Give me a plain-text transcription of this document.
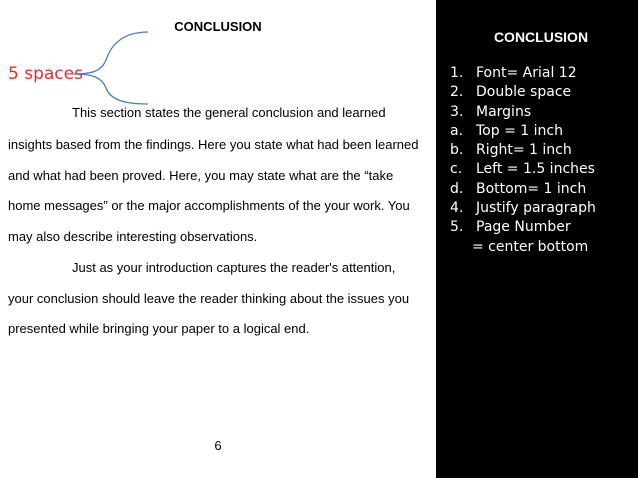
CONCLUSION
5 spaces
This section states the general conclusion and learned
insights based from the findings. Here you state what had been learned
and what had been proved. Here, you may state what are the “take
home messages” or the major accomplishments of the your work. You
may also describe interesting observations.
Just as your introduction captures the reader's attention,
your conclusion should leave the reader thinking about the issues you
presented while bringing your paper to a logical end.
6
CONCLUSION
1. Font= Arial 12
2. Double space
3. Margins
a. Top = 1 inch
b. Right= 1 inch
c. Left = 1.5 inches
d. Bottom= 1 inch
4. Justify paragraph
5. Page Number
= center bottom
